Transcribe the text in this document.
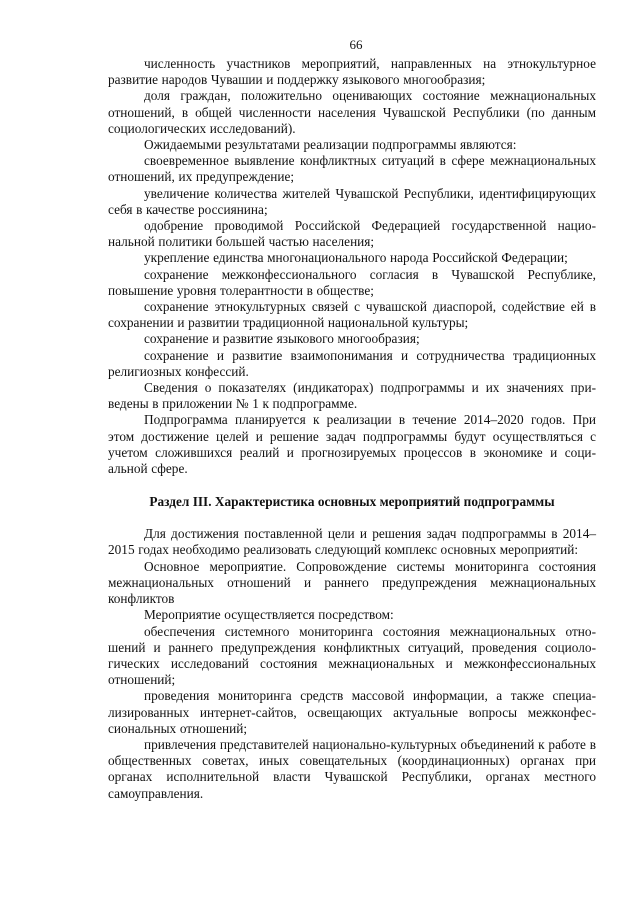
66

численность участников мероприятий, направленных на этнокультурное развитие народов Чувашии и поддержку языкового многообразия;

доля граждан, положительно оценивающих состояние межнациональных отношений, в общей численности населения Чувашской Республики (по данным социологических исследований).

Ожидаемыми результатами реализации подпрограммы являются:

своевременное выявление конфликтных ситуаций в сфере межнациональных отношений, их предупреждение;

увеличение количества жителей Чувашской Республики, идентифицирующих себя в качестве россиянина;

одобрение проводимой Российской Федерацией государственной национальной политики большей частью населения;

укрепление единства многонационального народа Российской Федерации;

сохранение межконфессионального согласия в Чувашской Республике, повышение уровня толерантности в обществе;

сохранение этнокультурных связей с чувашской диаспорой, содействие ей в сохранении и развитии традиционной национальной культуры;

сохранение и развитие языкового многообразия;

сохранение и развитие взаимопонимания и сотрудничества традиционных религиозных конфессий.

Сведения о показателях (индикаторах) подпрограммы и их значениях приведены в приложении № 1 к подпрограмме.

Подпрограмма планируется к реализации в течение 2014–2020 годов. При этом достижение целей и решение задач подпрограммы будут осуществляться с учетом сложившихся реалий и прогнозируемых процессов в экономике и социальной сфере.

Раздел III. Характеристика основных мероприятий подпрограммы

Для достижения поставленной цели и решения задач подпрограммы в 2014–2015 годах необходимо реализовать следующий комплекс основных мероприятий:

Основное мероприятие. Сопровождение системы мониторинга состояния межнациональных отношений и раннего предупреждения межнациональных конфликтов

Мероприятие осуществляется посредством:

обеспечения системного мониторинга состояния межнациональных отношений и раннего предупреждения конфликтных ситуаций, проведения социологических исследований состояния межнациональных и межконфессиональных отношений;

проведения мониторинга средств массовой информации, а также специализированных интернет-сайтов, освещающих актуальные вопросы межконфессиональных отношений;

привлечения представителей национально-культурных объединений к работе в общественных советах, иных совещательных (координационных) органах при органах исполнительной власти Чувашской Республики, органах местного самоуправления.
